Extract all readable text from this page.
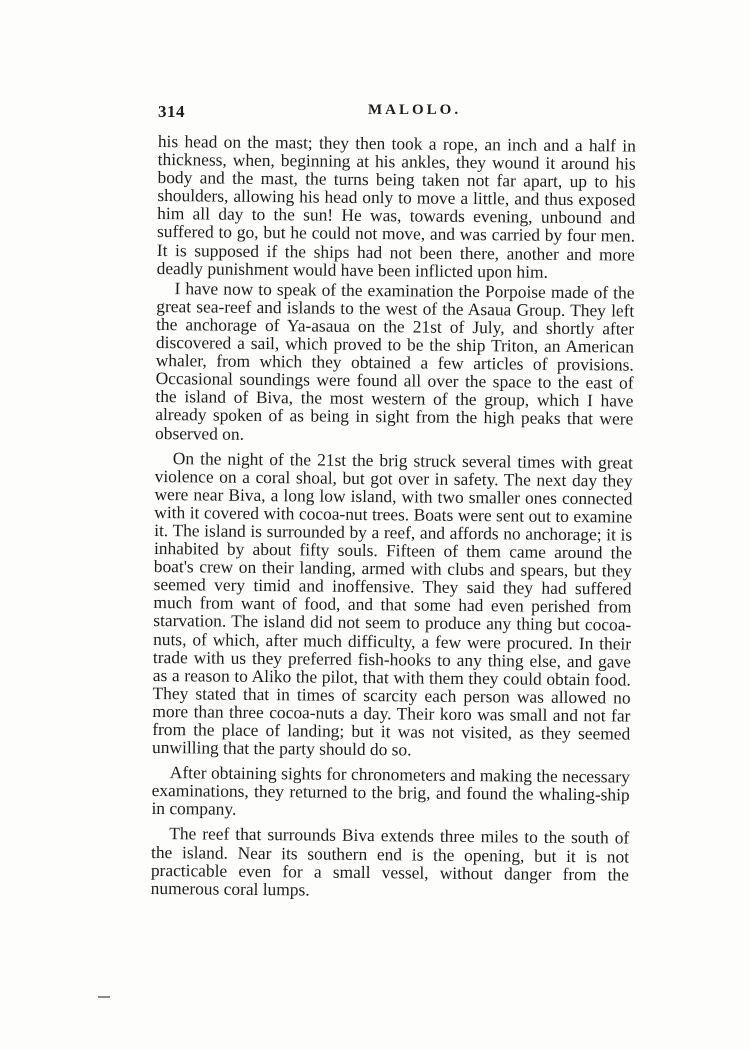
314	MALOLO.

his head on the mast; they then took a rope, an inch and a half in thickness, when, beginning at his ankles, they wound it around his body and the mast, the turns being taken not far apart, up to his shoulders, allowing his head only to move a little, and thus exposed him all day to the sun! He was, towards evening, unbound and suffered to go, but he could not move, and was carried by four men. It is supposed if the ships had not been there, another and more deadly punishment would have been inflicted upon him.

I have now to speak of the examination the Porpoise made of the great sea-reef and islands to the west of the Asaua Group. They left the anchorage of Ya-asaua on the 21st of July, and shortly after discovered a sail, which proved to be the ship Triton, an American whaler, from which they obtained a few articles of provisions. Occasional soundings were found all over the space to the east of the island of Biva, the most western of the group, which I have already spoken of as being in sight from the high peaks that were observed on.

On the night of the 21st the brig struck several times with great violence on a coral shoal, but got over in safety. The next day they were near Biva, a long low island, with two smaller ones connected with it covered with cocoa-nut trees. Boats were sent out to examine it. The island is surrounded by a reef, and affords no anchorage; it is inhabited by about fifty souls. Fifteen of them came around the boat's crew on their landing, armed with clubs and spears, but they seemed very timid and inoffensive. They said they had suffered much from want of food, and that some had even perished from starvation. The island did not seem to produce any thing but cocoa-nuts, of which, after much difficulty, a few were procured. In their trade with us they preferred fish-hooks to any thing else, and gave as a reason to Aliko the pilot, that with them they could obtain food. They stated that in times of scarcity each person was allowed no more than three cocoa-nuts a day. Their koro was small and not far from the place of landing; but it was not visited, as they seemed unwilling that the party should do so.

After obtaining sights for chronometers and making the necessary examinations, they returned to the brig, and found the whaling-ship in company.

The reef that surrounds Biva extends three miles to the south of the island. Near its southern end is the opening, but it is not practicable even for a small vessel, without danger from the numerous coral lumps.
